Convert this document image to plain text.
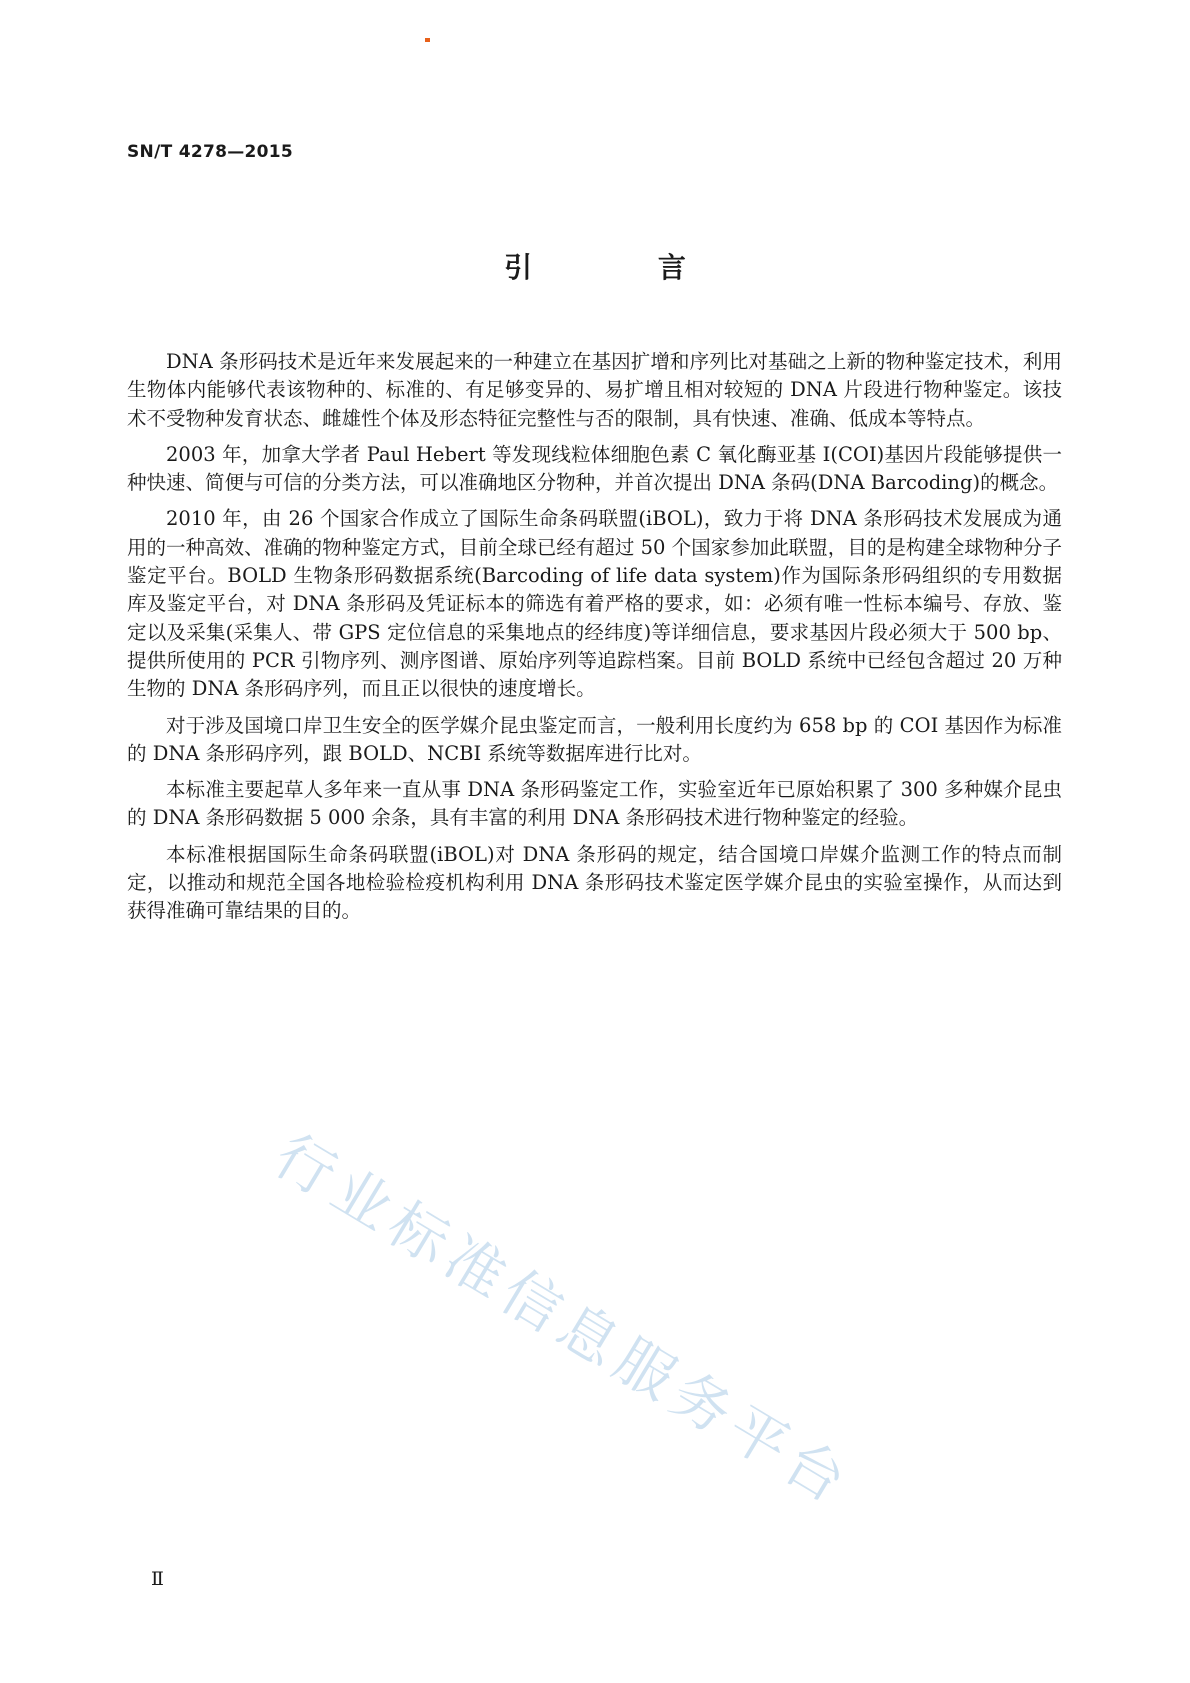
SN/T 4278—2015
引 言

DNA 条形码技术是近年来发展起来的一种建立在基因扩增和序列比对基础之上新的物种鉴定技术，利用生物体内能够代表该物种的、标准的、有足够变异的、易扩增且相对较短的 DNA 片段进行物种鉴定。该技术不受物种发育状态、雌雄性个体及形态特征完整性与否的限制，具有快速、准确、低成本等特点。

2003 年，加拿大学者 Paul Hebert 等发现线粒体细胞色素 C 氧化酶亚基 I(COI)基因片段能够提供一种快速、简便与可信的分类方法，可以准确地区分物种，并首次提出 DNA 条码(DNA Barcoding)的概念。

2010 年，由 26 个国家合作成立了国际生命条码联盟(iBOL)，致力于将 DNA 条形码技术发展成为通用的一种高效、准确的物种鉴定方式，目前全球已经有超过 50 个国家参加此联盟，目的是构建全球物种分子鉴定平台。BOLD 生物条形码数据系统(Barcoding of life data system)作为国际条形码组织的专用数据库及鉴定平台，对 DNA 条形码及凭证标本的筛选有着严格的要求，如：必须有唯一性标本编号、存放、鉴定以及采集(采集人、带 GPS 定位信息的采集地点的经纬度)等详细信息，要求基因片段必须大于 500 bp、提供所使用的 PCR 引物序列、测序图谱、原始序列等追踪档案。目前 BOLD 系统中已经包含超过 20 万种生物的 DNA 条形码序列，而且正以很快的速度增长。

对于涉及国境口岸卫生安全的医学媒介昆虫鉴定而言，一般利用长度约为 658 bp 的 COI 基因作为标准的 DNA 条形码序列，跟 BOLD、NCBI 系统等数据库进行比对。

本标准主要起草人多年来一直从事 DNA 条形码鉴定工作，实验室近年已原始积累了 300 多种媒介昆虫的 DNA 条形码数据 5 000 余条，具有丰富的利用 DNA 条形码技术进行物种鉴定的经验。

本标准根据国际生命条码联盟(iBOL)对 DNA 条形码的规定，结合国境口岸媒介监测工作的特点而制定，以推动和规范全国各地检验检疫机构利用 DNA 条形码技术鉴定医学媒介昆虫的实验室操作，从而达到获得准确可靠结果的目的。

行业标准信息服务平台
Ⅱ
